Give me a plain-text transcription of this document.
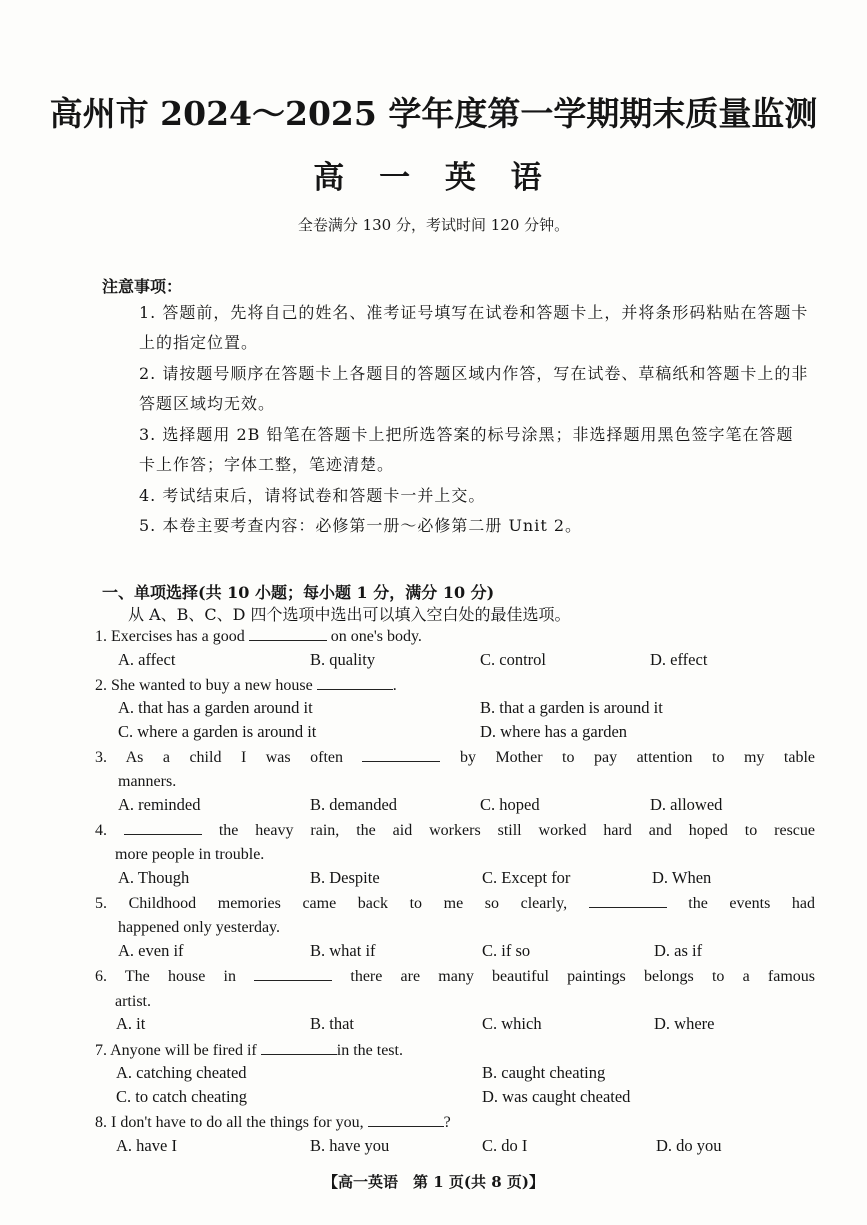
高州市 2024～2025 学年度第一学期期末质量监测
高 一 英 语
全卷满分 130 分，考试时间 120 分钟。
注意事项：
1. 答题前，先将自己的姓名、准考证号填写在试卷和答题卡上，并将条形码粘贴在答题卡上的指定位置。
2. 请按题号顺序在答题卡上各题目的答题区域内作答，写在试卷、草稿纸和答题卡上的非答题区域均无效。
3. 选择题用 2B 铅笔在答题卡上把所选答案的标号涂黑；非选择题用黑色签字笔在答题卡上作答；字体工整，笔迹清楚。
4. 考试结束后，请将试卷和答题卡一并上交。
5. 本卷主要考查内容：必修第一册～必修第二册 Unit 2。
一、单项选择(共 10 小题；每小题 1 分，满分 10 分)
从 A、B、C、D 四个选项中选出可以填入空白处的最佳选项。
1. Exercises has a good	on one's body.
A. affect	B. quality	C. control	D. effect
2. She wanted to buy a new house	.
A. that has a garden around it	B. that a garden is around it
C. where a garden is around it	D. where has a garden
3. As a child I was often	by Mother to pay attention to my table
manners.
A. reminded	B. demanded	C. hoped	D. allowed
4.	the heavy rain, the aid workers still worked hard and hoped to rescue
more people in trouble.
A. Though	B. Despite	C. Except for	D. When
5. Childhood memories came back to me so clearly,	the events had
happened only yesterday.
A. even if	B. what if	C. if so	D. as if
6. The house in	there are many beautiful paintings belongs to a famous
artist.
A. it	B. that	C. which	D. where
7. Anyone will be fired if	in the test.
A. catching cheated	B. caught cheating
C. to catch cheating	D. was caught cheated
8. I don't have to do all the things for you,	?
A. have I	B. have you	C. do I	D. do you
【高一英语　第 1 页(共 8 页)】
